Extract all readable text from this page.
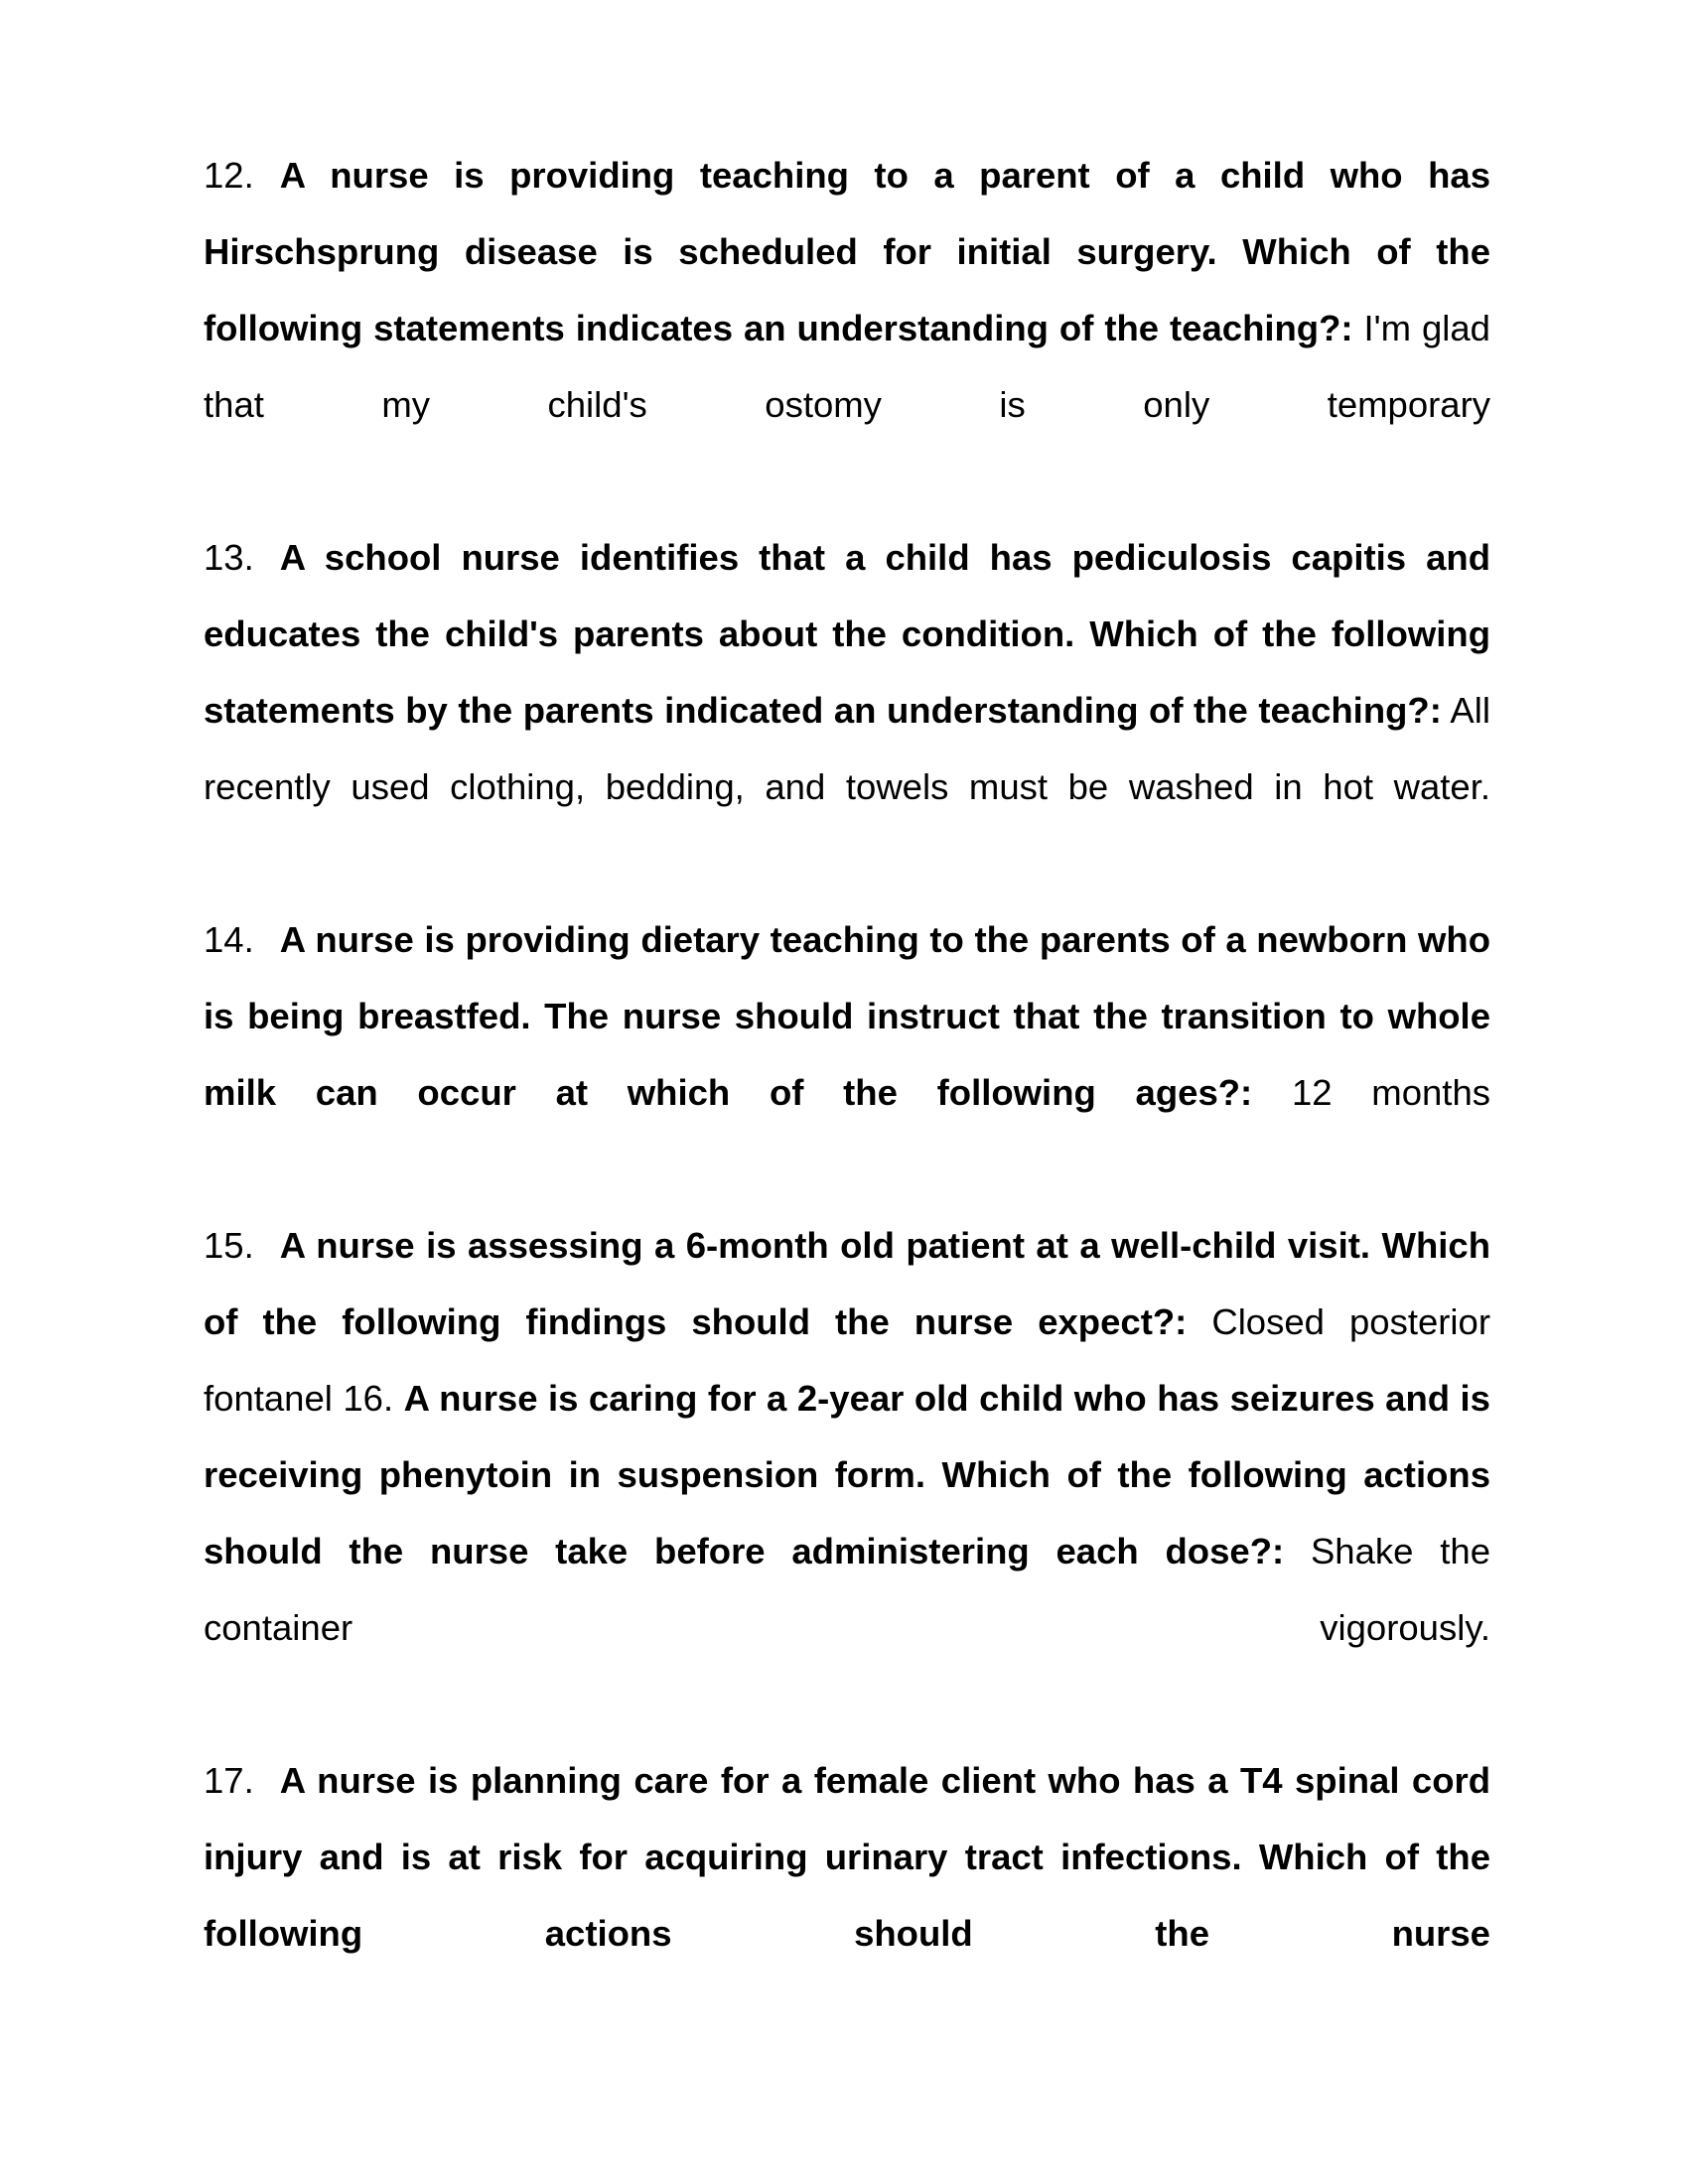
12. A nurse is providing teaching to a parent of a child who has Hirschsprung disease is scheduled for initial surgery. Which of the following statements indicates an understanding of the teaching?: I'm glad that my child's ostomy is only temporary
13. A school nurse identifies that a child has pediculosis capitis and educates the child's parents about the condition. Which of the following statements by the parents indicated an understanding of the teaching?: All recently used clothing, bedding, and towels must be washed in hot water.
14. A nurse is providing dietary teaching to the parents of a newborn who is being breastfed. The nurse should instruct that the transition to whole milk can occur at which of the following ages?: 12 months
15. A nurse is assessing a 6-month old patient at a well-child visit. Which of the following findings should the nurse expect?: Closed posterior fontanel 16. A nurse is caring for a 2-year old child who has seizures and is receiving phenytoin in suspension form. Which of the following actions should the nurse take before administering each dose?: Shake the container vigorously.
17. A nurse is planning care for a female client who has a T4 spinal cord injury and is at risk for acquiring urinary tract infections. Which of the following actions should the nurse
